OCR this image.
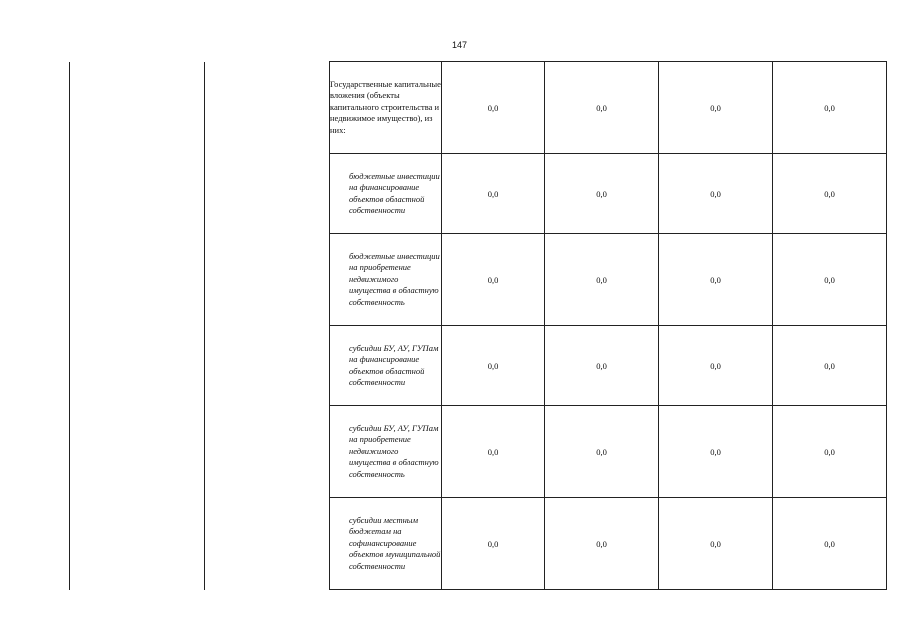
147
Государственные капитальные вложения (объекты капитального строительства и недвижимое имущество), из них:	0,0	0,0	0,0	0,0
бюджетные инвестиции на финансирование объектов областной собственности	0,0	0,0	0,0	0,0
бюджетные инвестиции на приобретение недвижимого имущества в областную собственность	0,0	0,0	0,0	0,0
субсидии БУ, АУ, ГУПам на финансирование объектов областной собственности	0,0	0,0	0,0	0,0
субсидии БУ, АУ, ГУПам на приобретение недвижимого имущества в областную собственность	0,0	0,0	0,0	0,0
субсидии местным бюджетам на софинансирование объектов муниципальной собственности	0,0	0,0	0,0	0,0
